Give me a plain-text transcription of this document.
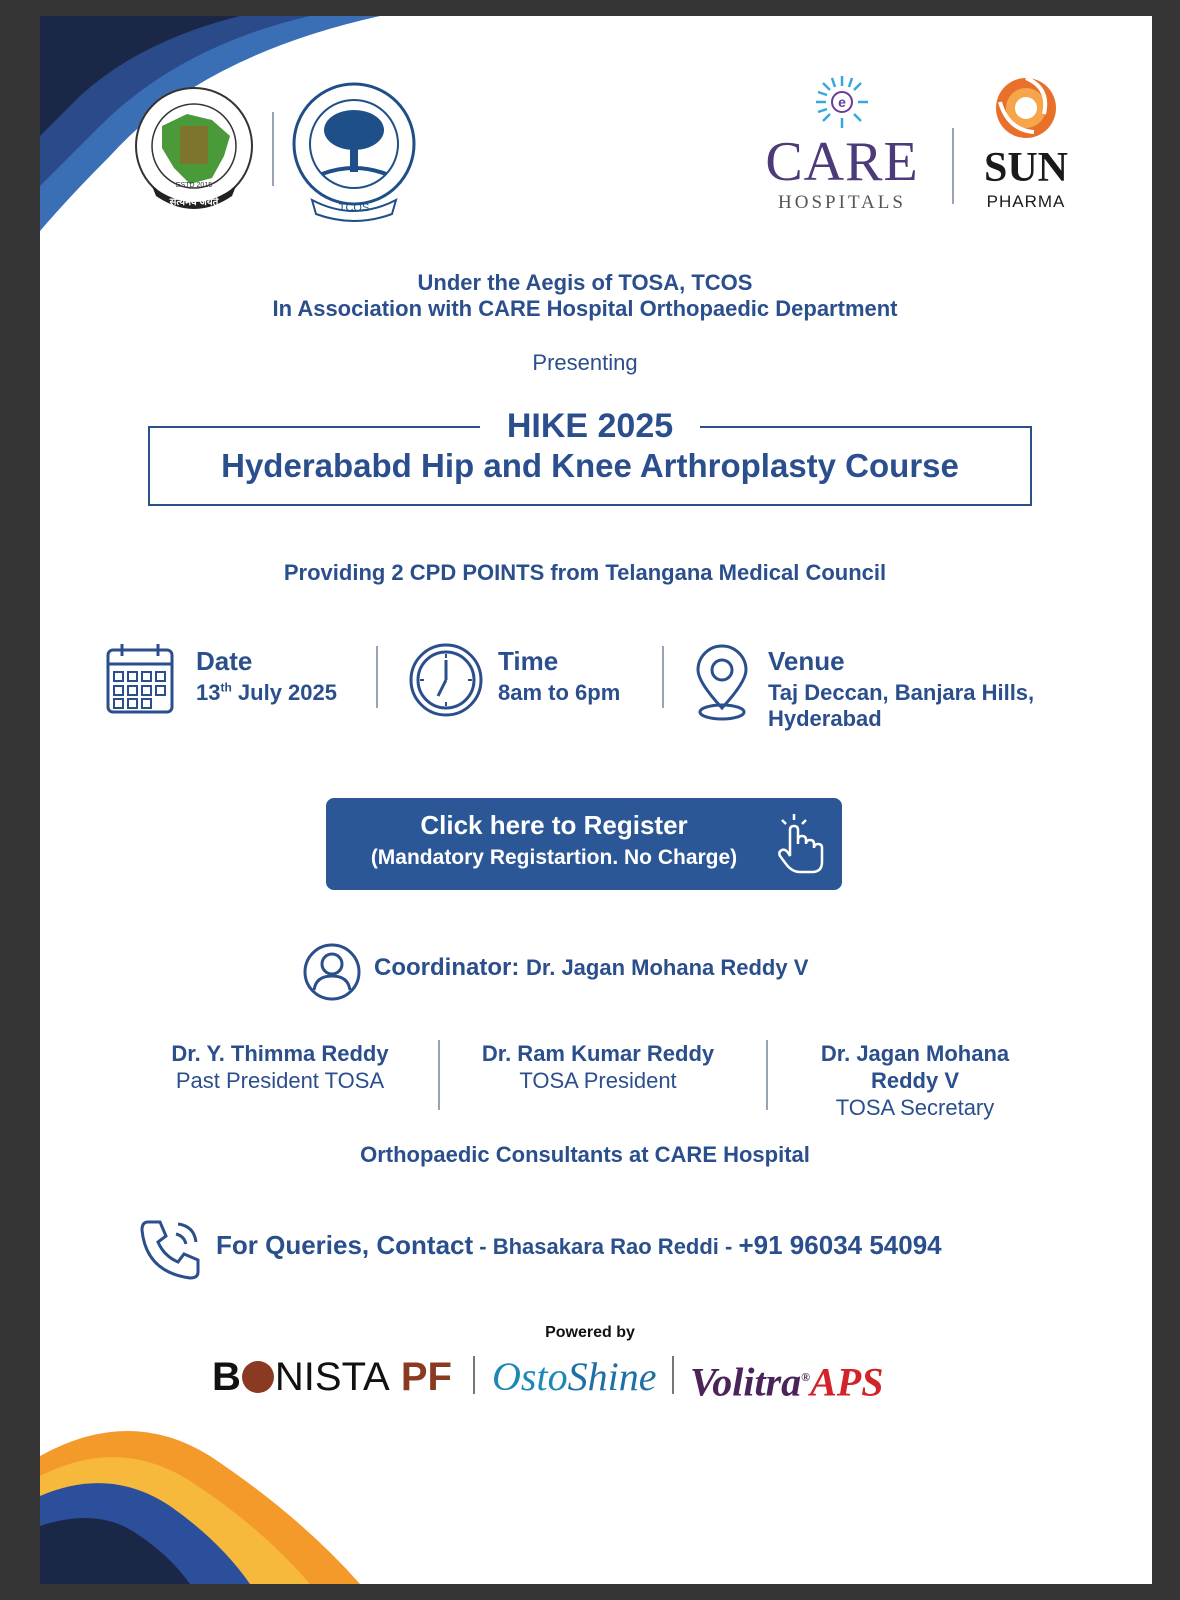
ESTD 2015
सत्यमेव जयते	TCOS
e
CARE
HOSPITALS
SUN
PHARMA
Under the Aegis of TOSA, TCOS
In Association with CARE Hospital Orthopaedic Department
Presenting
HIKE 2025
Hyderababd Hip and Knee Arthroplasty Course
Providing 2 CPD POINTS from Telangana Medical Council
Date
13th July 2025
Time
8am to 6pm
Venue
Taj Deccan, Banjara Hills,
Hyderabad
Click here to Register
(Mandatory Registartion. No Charge)
Coordinator: Dr. Jagan Mohana Reddy V
Dr. Y. Thimma Reddy
Past President TOSA
Dr. Ram Kumar Reddy
TOSA President
Dr. Jagan Mohana
Reddy V
TOSA Secretary
Orthopaedic Consultants at CARE Hospital
For Queries, Contact - Bhasakara Rao Reddi - +91 96034 54094
Powered by
B NISTA PF OstoShine Volitra®APS
